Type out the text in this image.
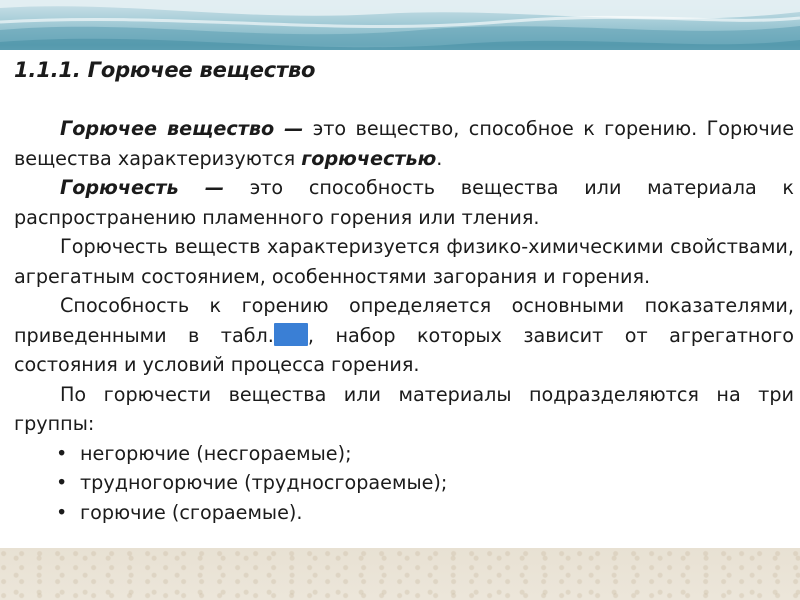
1.1.1. Горючее вещество

Горючее вещество — это вещество, способное к горению. Горючие вещества характеризуются горючестью.

Горючесть — это способность вещества или материала к распространению пламенного горения или тления.

Горючесть веществ характеризуется физико-химическими свойствами, агрегатным состоянием, особенностями загорания и горения.

Способность к горению определяется основными показателями, приведенными в табл. , набор которых зависит от агрегатного состояния и условий процесса горения.

По горючести вещества или материалы подразделяются на три группы:

• негорючие (несгораемые);
• трудногорючие (трудносгораемые);
• горючие (сгораемые).
